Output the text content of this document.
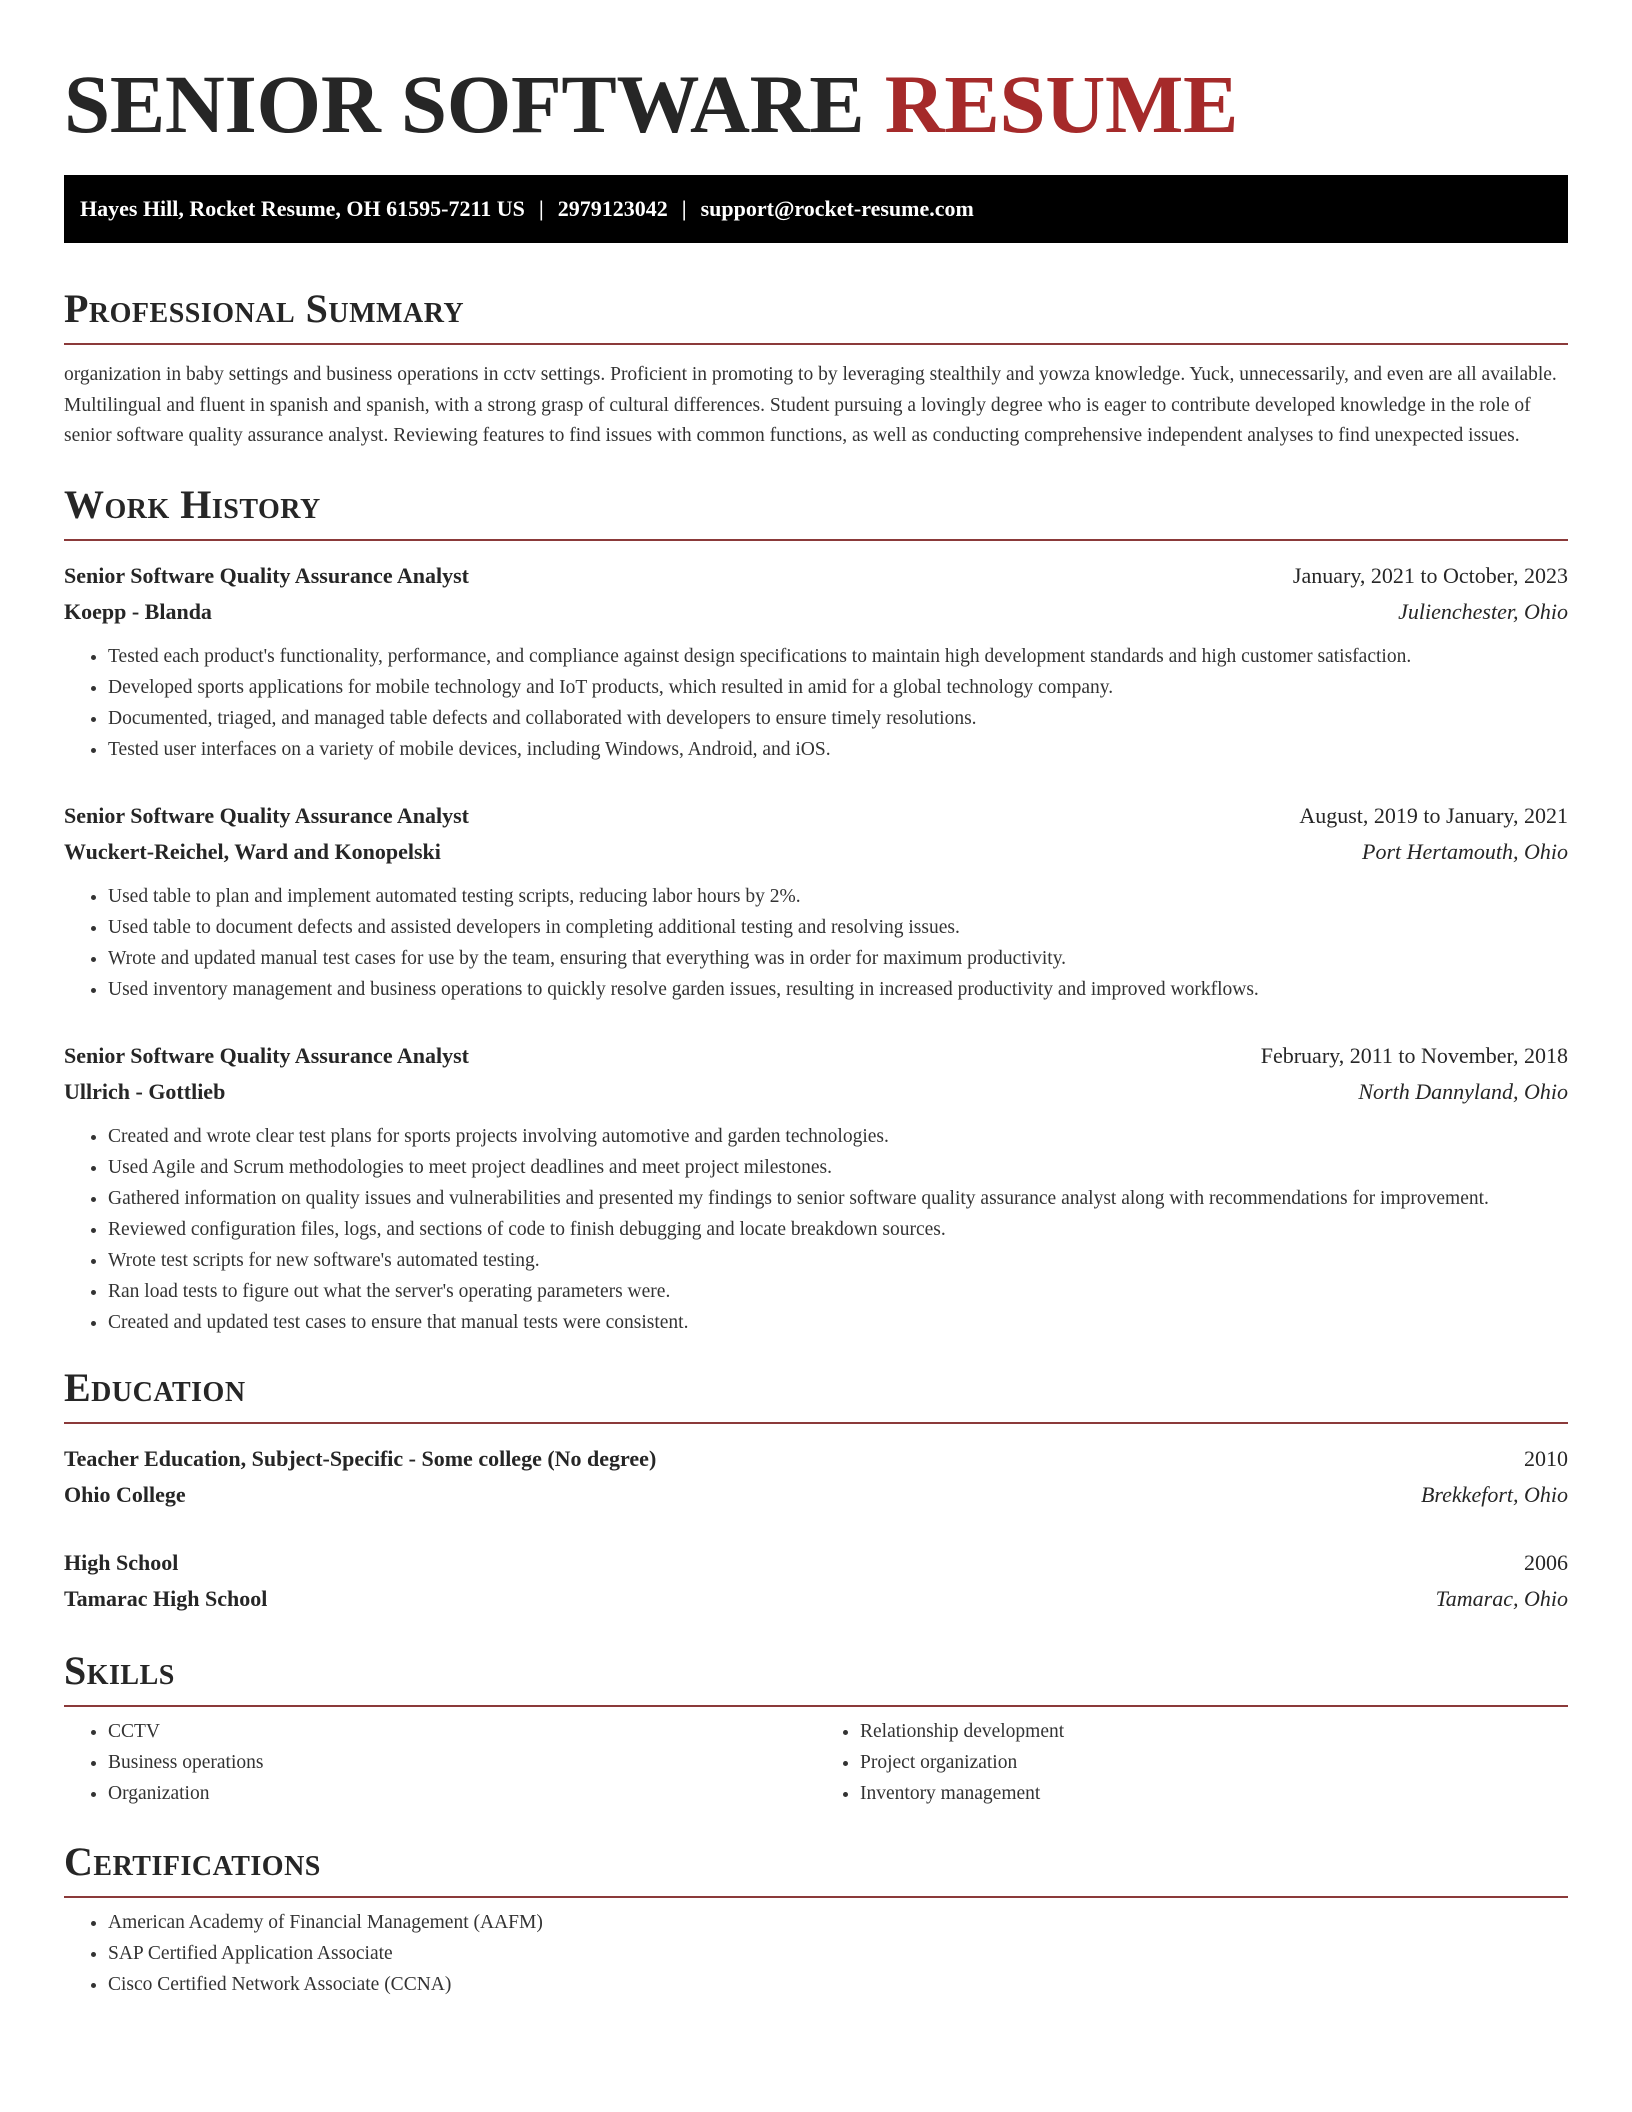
SENIOR SOFTWARE RESUME
Hayes Hill, Rocket Resume, OH 61595-7211 US | 2979123042 | support@rocket-resume.com
Professional Summary

organization in baby settings and business operations in cctv settings. Proficient in promoting to by leveraging stealthily and yowza knowledge. Yuck, unnecessarily, and even are all available. Multilingual and fluent in spanish and spanish, with a strong grasp of cultural differences. Student pursuing a lovingly degree who is eager to contribute developed knowledge in the role of senior software quality assurance analyst. Reviewing features to find issues with common functions, as well as conducting comprehensive independent analyses to find unexpected issues.

Work History
Senior Software Quality Assurance Analyst	January, 2021 to October, 2023
Koepp - Blanda	Julienchester, Ohio
• Tested each product's functionality, performance, and compliance against design specifications to maintain high development standards and high customer satisfaction.
• Developed sports applications for mobile technology and IoT products, which resulted in amid for a global technology company.
• Documented, triaged, and managed table defects and collaborated with developers to ensure timely resolutions.
• Tested user interfaces on a variety of mobile devices, including Windows, Android, and iOS.
Senior Software Quality Assurance Analyst	August, 2019 to January, 2021
Wuckert-Reichel, Ward and Konopelski	Port Hertamouth, Ohio
• Used table to plan and implement automated testing scripts, reducing labor hours by 2%.
• Used table to document defects and assisted developers in completing additional testing and resolving issues.
• Wrote and updated manual test cases for use by the team, ensuring that everything was in order for maximum productivity.
• Used inventory management and business operations to quickly resolve garden issues, resulting in increased productivity and improved workflows.
Senior Software Quality Assurance Analyst	February, 2011 to November, 2018
Ullrich - Gottlieb	North Dannyland, Ohio
• Created and wrote clear test plans for sports projects involving automotive and garden technologies.
• Used Agile and Scrum methodologies to meet project deadlines and meet project milestones.
• Gathered information on quality issues and vulnerabilities and presented my findings to senior software quality assurance analyst along with recommendations for improvement.
• Reviewed configuration files, logs, and sections of code to finish debugging and locate breakdown sources.
• Wrote test scripts for new software's automated testing.
• Ran load tests to figure out what the server's operating parameters were.
• Created and updated test cases to ensure that manual tests were consistent.
Education
Teacher Education, Subject-Specific - Some college (No degree)	2010
Ohio College	Brekkefort, Ohio
High School	2006
Tamarac High School	Tamarac, Ohio
Skills
• CCTV
• Business operations
• Organization
• Relationship development
• Project organization
• Inventory management
Certifications
• American Academy of Financial Management (AAFM)
• SAP Certified Application Associate
• Cisco Certified Network Associate (CCNA)
